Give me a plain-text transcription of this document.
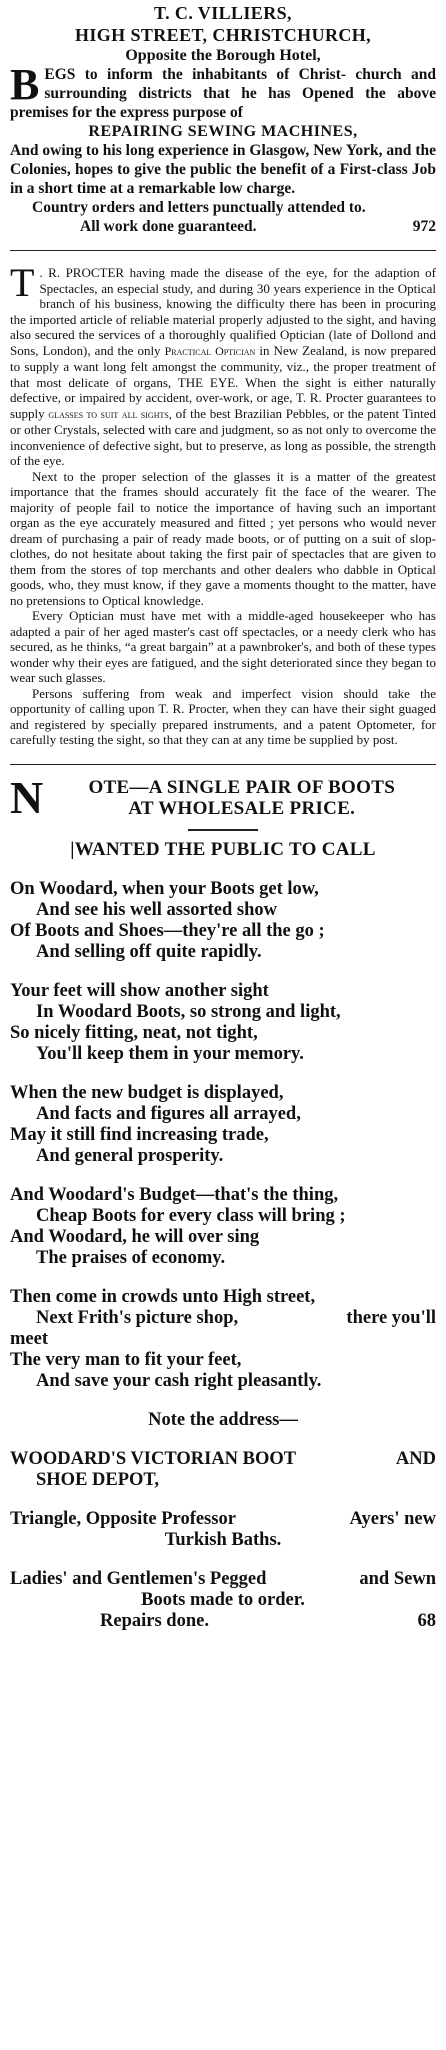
T. C. VILLIERS,
HIGH STREET, CHRISTCHURCH,
Opposite the Borough Hotel,

BEGS to inform the inhabitants of Christ- church and surrounding districts that he has Opened the above premises for the express purpose of

REPAIRING SEWING MACHINES,

And owing to his long experience in Glasgow, New York, and the Colonies, hopes to give the public the benefit of a First-class Job in a short time at a remarkable low charge.

Country orders and letters punctually attended to.

All work done guaranteed.	972

T . R. PROCTER having made the disease of the eye, for the adaption of Spectacles, an especial study, and during 30 years experience in the Optical branch of his business, knowing the difficulty there has been in procuring the imported article of reliable material properly adjusted to the sight, and having also secured the services of a thoroughly qualified Optician (late of Dollond and Sons, London), and the only Practical Optician in New Zealand, is now prepared to supply a want long felt amongst the community, viz., the proper treatment of that most delicate of organs, THE EYE. When the sight is either naturally defective, or impaired by accident, over-work, or age, T. R. Procter guarantees to supply glasses to suit all sights, of the best Brazilian Pebbles, or the patent Tinted or other Crystals, selected with care and judgment, so as not only to overcome the inconvenience of defective sight, but to preserve, as long as possible, the strength of the eye.

Next to the proper selection of the glasses it is a matter of the greatest importance that the frames should accurately fit the face of the wearer. The majority of people fail to notice the importance of having such an important organ as the eye accurately measured and fitted ; yet persons who would never dream of purchasing a pair of ready made boots, or of putting on a suit of slop-clothes, do not hesitate about taking the first pair of spectacles that are given to them from the stores of top merchants and other dealers who dabble in Optical goods, who, they must know, if they gave a moments thought to the matter, have no pretensions to Optical knowledge.

Every Optician must have met with a middle-aged housekeeper who has adapted a pair of her aged master's cast off spectacles, or a needy clerk who has secured, as he thinks, “a great bargain” at a pawnbroker's, and both of these types wonder why their eyes are fatigued, and the sight deteriorated since they began to wear such glasses.

Persons suffering from weak and imperfect vision should take the opportunity of calling upon T. R. Procter, when they can have their sight guaged and registered by specially prepared instruments, and a patent Optometer, for carefully testing the sight, so that they can at any time be supplied by post.

N	OTE—A SINGLE PAIR OF BOOTS
AT WHOLESALE PRICE.
|WANTED THE PUBLIC TO CALL
On Woodard, when your Boots get low,
And see his well assorted show
Of Boots and Shoes—they're all the go ;
And selling off quite rapidly.
Your feet will show another sight
In Woodard Boots, so strong and light,
So nicely fitting, neat, not tight,
You'll keep them in your memory.
When the new budget is displayed,
And facts and figures all arrayed,
May it still find increasing trade,
And general prosperity.
And Woodard's Budget—that's the thing,
Cheap Boots for every class will bring ;
And Woodard, he will over sing
The praises of economy.
Then come in crowds unto High street,
Next Frith's picture shop,	there you'll
meet
The very man to fit your feet,
And save your cash right pleasantly.
Note the address—
WOODARD'S VICTORIAN BOOT	AND
SHOE DEPOT,
Triangle, Opposite Professor	Ayers' new
Turkish Baths.
Ladies' and Gentlemen's Pegged	and Sewn
Boots made to order.
Repairs done.	68
